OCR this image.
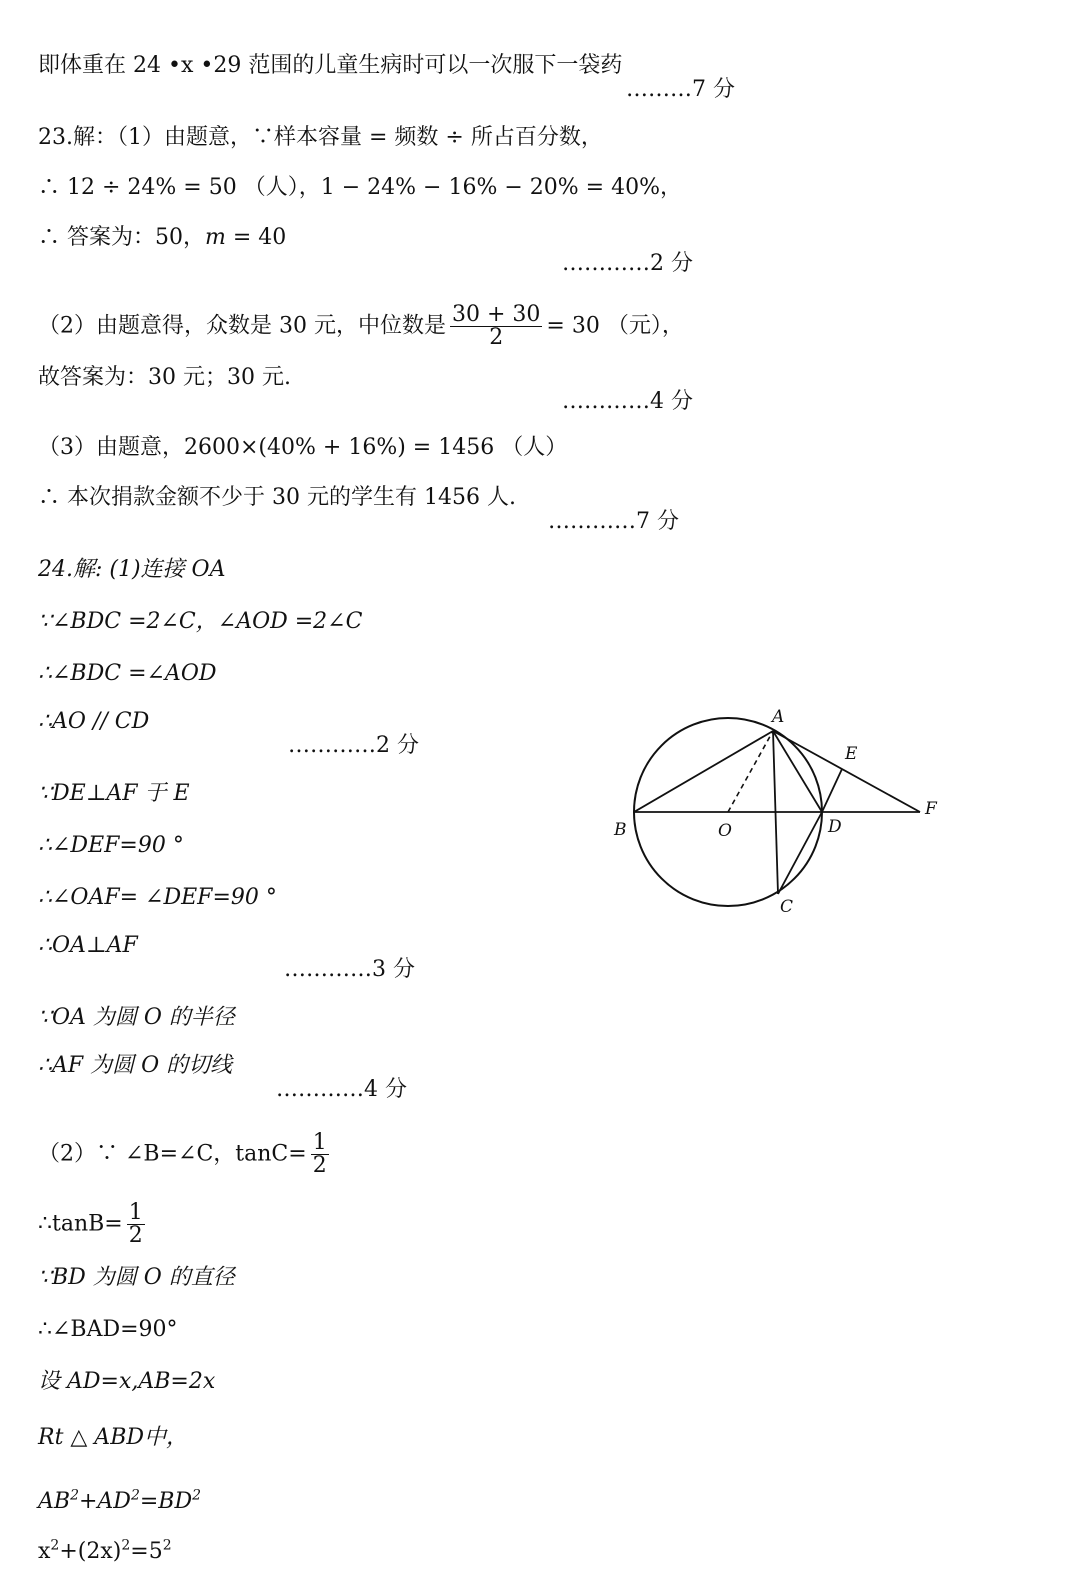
即体重在 24 •x •29 范围的儿童生病时可以一次服下一袋药
………7 分
23.解：（1）由题意，∵样本容量 = 频数 ÷ 所占百分数，
∴ 12 ÷ 24% = 50 （人），1 − 24% − 16% − 20% = 40%，
∴ 答案为：50，m = 40
…………2 分
（2）由题意得，众数是 30 元，中位数是 $\frac{30 + 30}{2} = 30$ （元），
故答案为：30 元；30 元.
…………4 分
（3）由题意，2600×(40% + 16%) = 1456 （人）
∴ 本次捐款金额不少于 30 元的学生有 1456 人.
…………7 分
24.解: (1)连接 OA
∵∠BDC =2∠C，∠AOD =2∠C
∴∠BDC =∠AOD
∴AO // CD
…………2 分
∵DE⊥AF 于 E
∴∠DEF=90 °
∴∠OAF= ∠DEF=90 °
∴OA⊥AF
…………3 分
∵OA 为圆 O 的半径
∴AF 为圆 O 的切线
…………4 分
（2）∵ ∠B=∠C，$\tan C= \frac{1}{2}$
∴tanB= $\frac{1}{2}$
∵BD 为圆 O 的直径
∴∠BAD=90°
设 AD=x,AB=2x
Rt △ ABD中，
$AB^2+AD^2=BD^2$
$x^2+(2x)^2=5^2$
A
B	O	D
C
E
F
